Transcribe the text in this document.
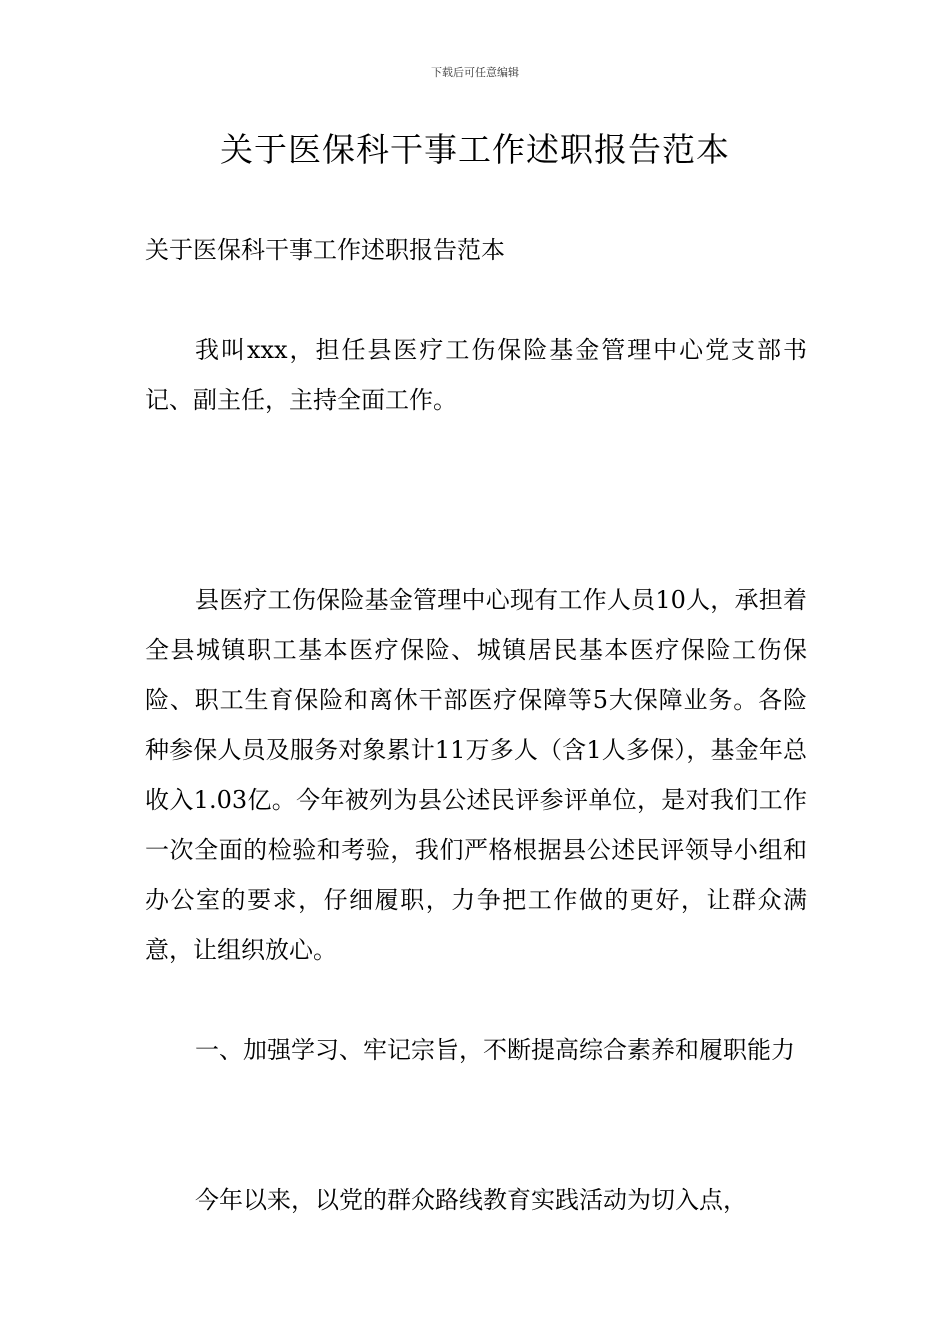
下载后可任意编辑
关于医保科干事工作述职报告范本

关于医保科干事工作述职报告范本

我叫xxx，担任县医疗工伤保险基金管理中心党支部书记、副主任，主持全面工作。

县医疗工伤保险基金管理中心现有工作人员10人，承担着全县城镇职工基本医疗保险、城镇居民基本医疗保险工伤保险、职工生育保险和离休干部医疗保障等5大保障业务。各险种参保人员及服务对象累计11万多人（含1人多保），基金年总收入1.03亿。今年被列为县公述民评参评单位，是对我们工作一次全面的检验和考验，我们严格根据县公述民评领导小组和办公室的要求，仔细履职，力争把工作做的更好，让群众满意，让组织放心。

一、加强学习、牢记宗旨，不断提高综合素养和履职能力

今年以来，以党的群众路线教育实践活动为切入点，
